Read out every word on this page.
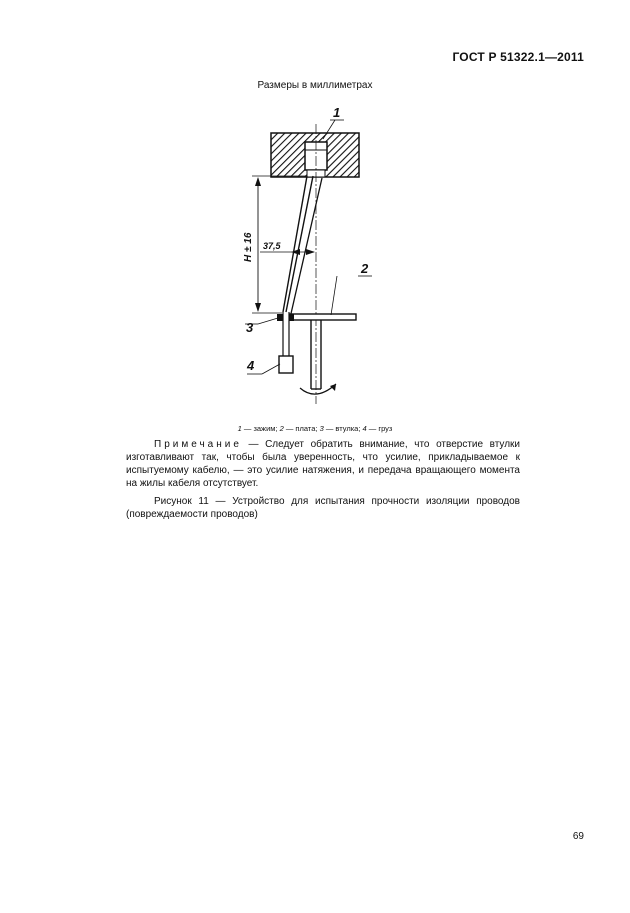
ГОСТ Р 51322.1—2011
Размеры в миллиметрах
H ± 16 37,5
1
2
3
4
1 — зажим; 2 — плата; 3 — втулка; 4 — груз
Примечание — Следует обратить внимание, что отверстие втулки изготавливают так, чтобы была уверенность, что усилие, прикладываемое к испытуемому кабелю, — это усилие натяжения, и передача вращающего момента на жилы кабеля отсутствует.
Рисунок 11 — Устройство для испытания прочности изоляции проводов (повреждаемости проводов)
69
